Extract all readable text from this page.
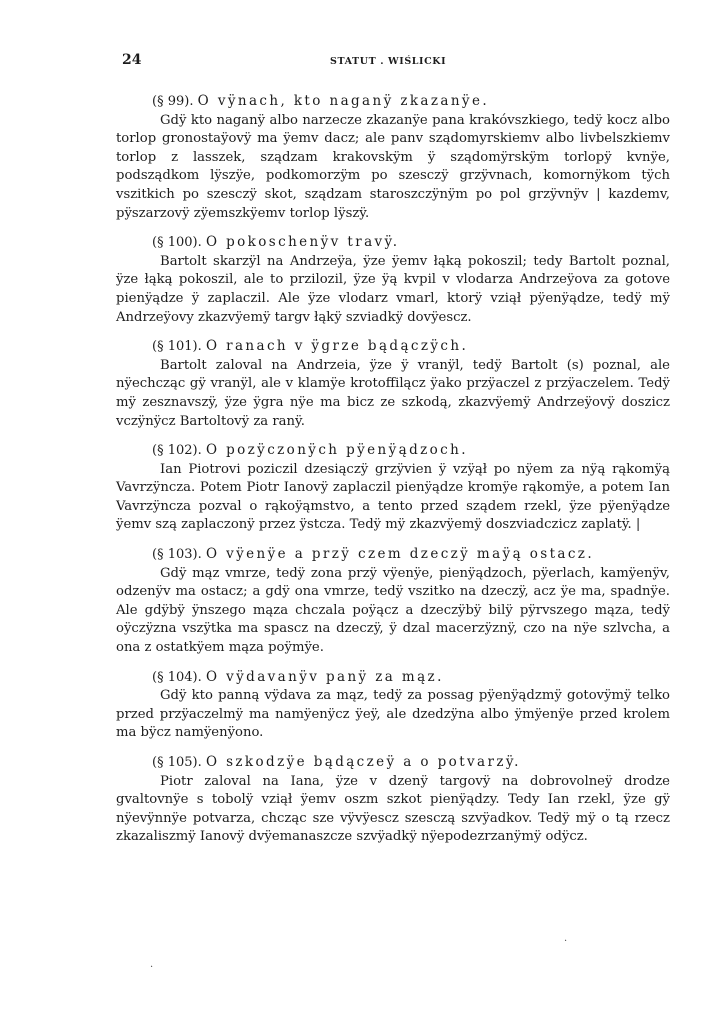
24	STATUT . WIŚLICKI

(§ 99). O vÿnach, kto naganÿ zkazanÿe.

Gdÿ kto naganÿ albo narzecze zkazanÿe pana krakóvszkiego, tedÿ kocz albo torlop gronostaÿovÿ ma ÿemv dacz; ale panv sządomyrskiemv albo livbelszkiemv torlop z lasszek, sządzam krakovskÿm ÿ sządomÿrskÿm torlopÿ kvnÿe, podsządkom lÿszÿe, podkomorzÿm po szesczÿ grzÿvnach, komornÿkom tÿch vszitkich po szesczÿ skot, sządzam staroszczÿnÿm po pol grzÿvnÿv | kazdemv, pÿszarzovÿ zÿemszkÿemv torlop lÿszÿ.

(§ 100). O pokoschenÿv travÿ.

Bartolt skarzÿl na Andrzeÿa, ÿze ÿemv łąką pokoszil; tedy Bartolt poznal, ÿze łąką pokoszil, ale to przilozil, ÿze ÿą kvpil v vlodarza Andrzeÿova za gotove pienÿądze ÿ zaplaczil. Ale ÿze vlodarz vmarl, ktorÿ vziął pÿenÿądze, tedÿ mÿ Andrzeÿovy zkazvÿemÿ targv łąkÿ szviadkÿ dovÿescz.

(§ 101). O ranach v ÿgrze bądączÿch.

Bartolt zaloval na Andrzeia, ÿze ÿ vranÿl, tedÿ Bartolt (s) poznal, ale nÿechcząc gÿ vranÿl, ale v klamÿe krotoffilącz ÿako przÿaczel z przÿaczelem. Tedÿ mÿ zesznavszÿ, ÿze ÿgra nÿe ma bicz ze szkodą, zkazvÿemÿ Andrzeÿovÿ doszicz vczÿnÿcz Bartoltovÿ za ranÿ.

(§ 102). O pozÿczonÿch pÿenÿądzoch.

Ian Piotrovi poziczil dzesiączÿ grzÿvien ÿ vzÿął po nÿem za nÿą rąkomÿą Vavrzÿncza. Potem Piotr Ianovÿ zaplaczil pienÿądze kromÿe rąkomÿe, a potem Ian Vavrzÿncza pozval o rąkoÿąmstvo, a tento przed sządem rzekl, ÿze pÿenÿądze ÿemv szą zaplaczonÿ przez ÿstcza. Tedÿ mÿ zkazvÿemÿ doszviadczicz zaplatÿ. |

(§ 103). O vÿenÿe a przÿ czem dzeczÿ maÿą ostacz.

Gdÿ mąz vmrze, tedÿ zona przÿ vÿenÿe, pienÿądzoch, pÿerlach, kamÿenÿv, odzenÿv ma ostacz; a gdÿ ona vmrze, tedÿ vszitko na dzeczÿ, acz ÿe ma, spadnÿe. Ale gdÿbÿ ÿnszego mąza chczala poÿącz a dzeczÿbÿ bilÿ pÿrvszego mąza, tedÿ oÿczÿzna vszÿtka ma spascz na dzeczÿ, ÿ dzal macerzÿznÿ, czo na nÿe szlvcha, a ona z ostatkÿem mąza poÿmÿe.

(§ 104). O vÿdavanÿv panÿ za mąz.

Gdÿ kto panną vÿdava za mąz, tedÿ za possag pÿenÿądzmÿ gotovÿmÿ telko przed przÿaczelmÿ ma namÿenÿcz ÿeÿ, ale dzedzÿna albo ÿmÿenÿe przed krolem ma bÿcz namÿenÿono.

(§ 105). O szkodzÿe bądączeÿ a o potvarzÿ.

Piotr zaloval na Iana, ÿze v dzenÿ targovÿ na dobrovolneÿ drodze gvaltovnÿe s tobolÿ vziął ÿemv oszm szkot pienÿądzy. Tedy Ian rzekl, ÿze gÿ nÿevÿnnÿe potvarza, chcząc sze vÿvÿescz szesczą szvÿadkov. Tedÿ mÿ o tą rzecz zkazaliszmÿ Ianovÿ dvÿemanaszcze szvÿadkÿ nÿepodezrzanÿmÿ odÿcz.

·
·
